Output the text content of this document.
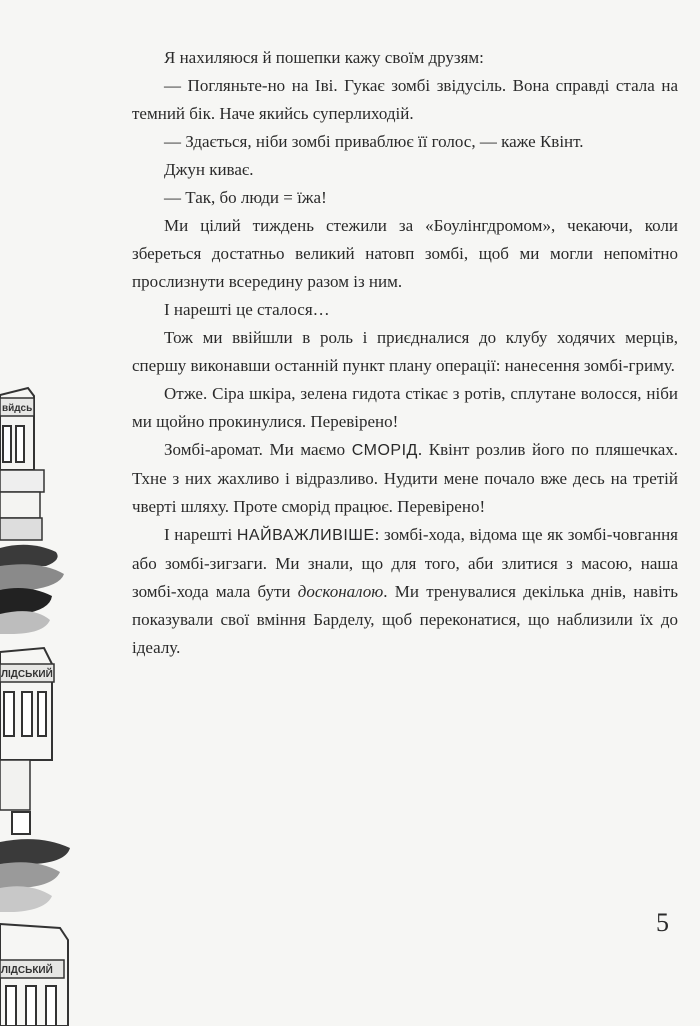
вйдсь
ЛІДСЬКИЙ
ЛІДСЬКИЙ

Я нахиляюся й пошепки кажу своїм друзям:

— Погляньте-но на Іві. Гукає зомбі звідусіль. Вона справді стала на темний бік. Наче якийсь суперлиходій.

— Здається, ніби зомбі приваблює її голос, — каже Квінт.

Джун киває.

— Так, бо люди = їжа!

Ми цілий тиждень стежили за «Боулінгдромом», чекаючи, коли збереться достатньо великий натовп зомбі, щоб ми могли непомітно прослизнути всередину разом із ним.

І нарешті це сталося…

Тож ми ввійшли в роль і приєдналися до клубу ходячих мерців, спершу виконавши останній пункт плану операції: нанесення зомбі-гриму.

Отже. Сіра шкіра, зелена гидота стікає з ротів, сплутане волосся, ніби ми щойно прокинулися. Перевірено!

Зомбі-аромат. Ми маємо СМОРІД. Квінт розлив його по пляшечках. Тхне з них жахливо і відразливо. Нудити мене почало вже десь на третій чверті шляху. Проте сморід працює. Перевірено!

І нарешті НАЙВАЖЛИВІШЕ: зомбі-хода, відома ще як зомбі-човгання або зомбі-зигзаги. Ми знали, що для того, аби злитися з масою, наша зомбі-хода мала бути досконалою. Ми тренувалися декілька днів, навіть показували свої вміння Барделу, щоб переконатися, що наблизили їх до ідеалу.

5
